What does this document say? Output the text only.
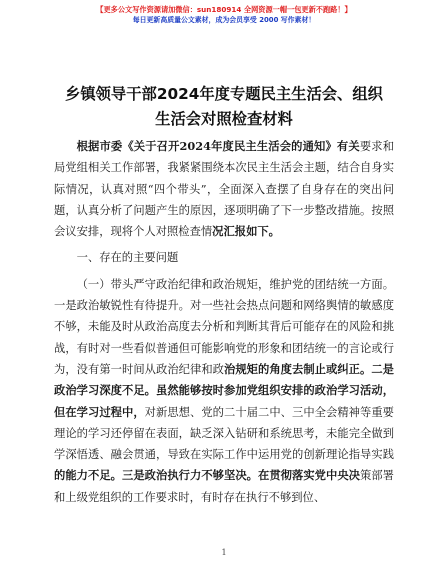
【更多公文写作资源请加微信：sun180914 全网资源一帽一包更新不跑路！】
每日更新高质量公文素材，成为会员享受 2000 写作素材！
乡镇领导干部2024年度专题民主生活会、组织
生活会对照检查材料

根据市委《关于召开2024年度民主生活会的通知》有关要求和局党组相关工作部署，我紧紧围绕本次民主生活会主题，结合自身实际情况，认真对照“四个带头”，全面深入查摆了自身存在的突出问题，认真分析了问题产生的原因，逐项明确了下一步整改措施。按照会议安排，现将个人对照检查情况汇报如下。

一、存在的主要问题

（一）带头严守政治纪律和政治规矩，维护党的团结统一方面。一是政治敏锐性有待提升。对一些社会热点问题和网络舆情的敏感度不够，未能及时从政治高度去分析和判断其背后可能存在的风险和挑战，有时对一些看似普通但可能影响党的形象和团结统一的言论或行为，没有第一时间从政治纪律和政治规矩的角度去制止或纠正。二是政治学习深度不足。虽然能够按时参加党组织安排的政治学习活动，但在学习过程中，对新思想、党的二十届二中、三中全会精神等重要理论的学习还停留在表面，缺乏深入钻研和系统思考，未能完全做到学深悟透、融会贯通，导致在实际工作中运用党的创新理论指导实践的能力不足。三是政治执行力不够坚决。在贯彻落实党中央决策部署和上级党组织的工作要求时，有时存在执行不够到位、

1
